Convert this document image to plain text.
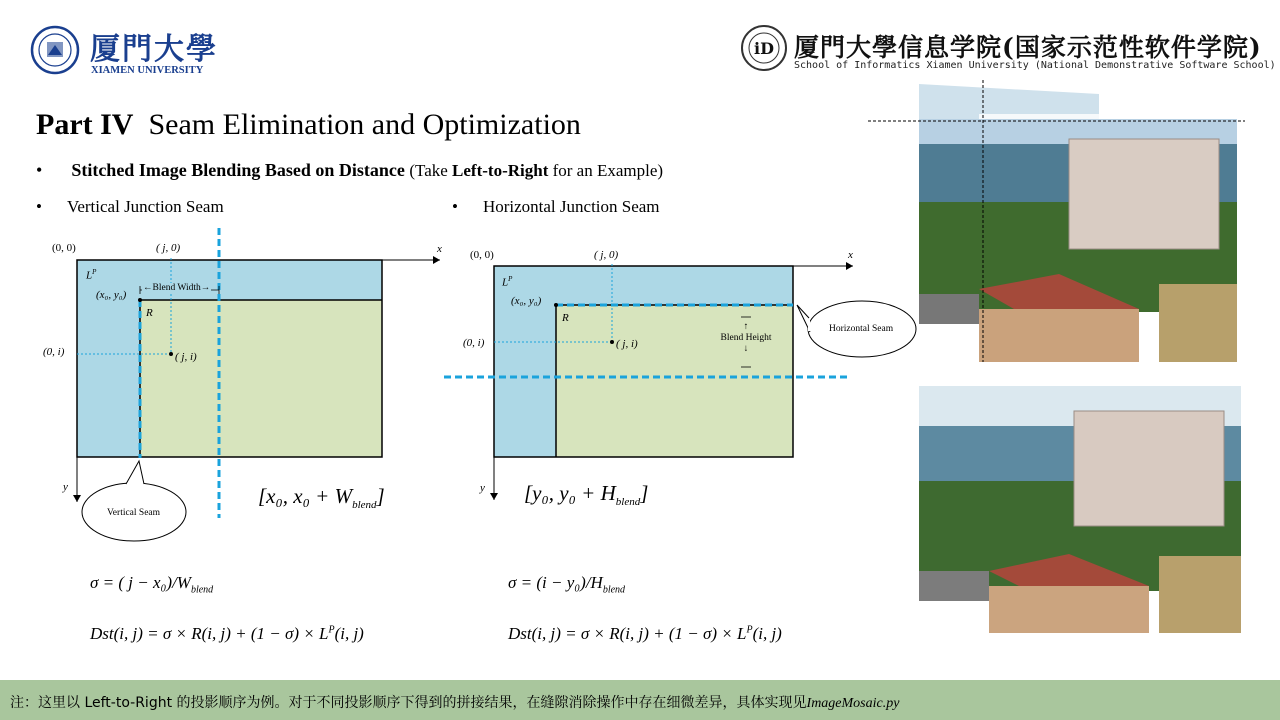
厦門大學
XIAMEN UNIVERSITY
iD 厦門大學信息学院(国家示范性软件学院)
School of Informatics Xiamen University (National Demonstrative Software School)
Part IV Seam Elimination and Optimization
• Stitched Image Blending Based on Distance (Take Left-to-Right for an Example)
• Vertical Junction Seam	• Horizontal Junction Seam
(0, 0)	( j, 0)	x
y
$L^P$
(x₀, y₀)
R
(0, i)	( j, i)
←Blend Width→
Vertical Seam
[x₀, $x_0 + W_{blend}$]
(0, 0)	( j, 0)	x
y
$L^P$
(x₀, y₀)
R
(0, i)	( j, i)
↑
Blend Height
↓
Horizontal Seam
[y₀, $y_0 + H_{blend}$]
σ = ( $j - x_0)/W_{blend}$	$\sigma = (i - y_0)/H_{blend}$
Dst(i, j) = σ × R(i, $j) + (1 - \sigma) \times L^P(i$, j)	Dst(i, j) = σ × R(i, $j) + (1 - \sigma) \times L^P(i$, j)
注：这里以 Left-to-Right 的投影顺序为例。对于不同投影顺序下得到的拼接结果，在缝隙消除操作中存在细微差异，具体实现见ImageMosaic.py
